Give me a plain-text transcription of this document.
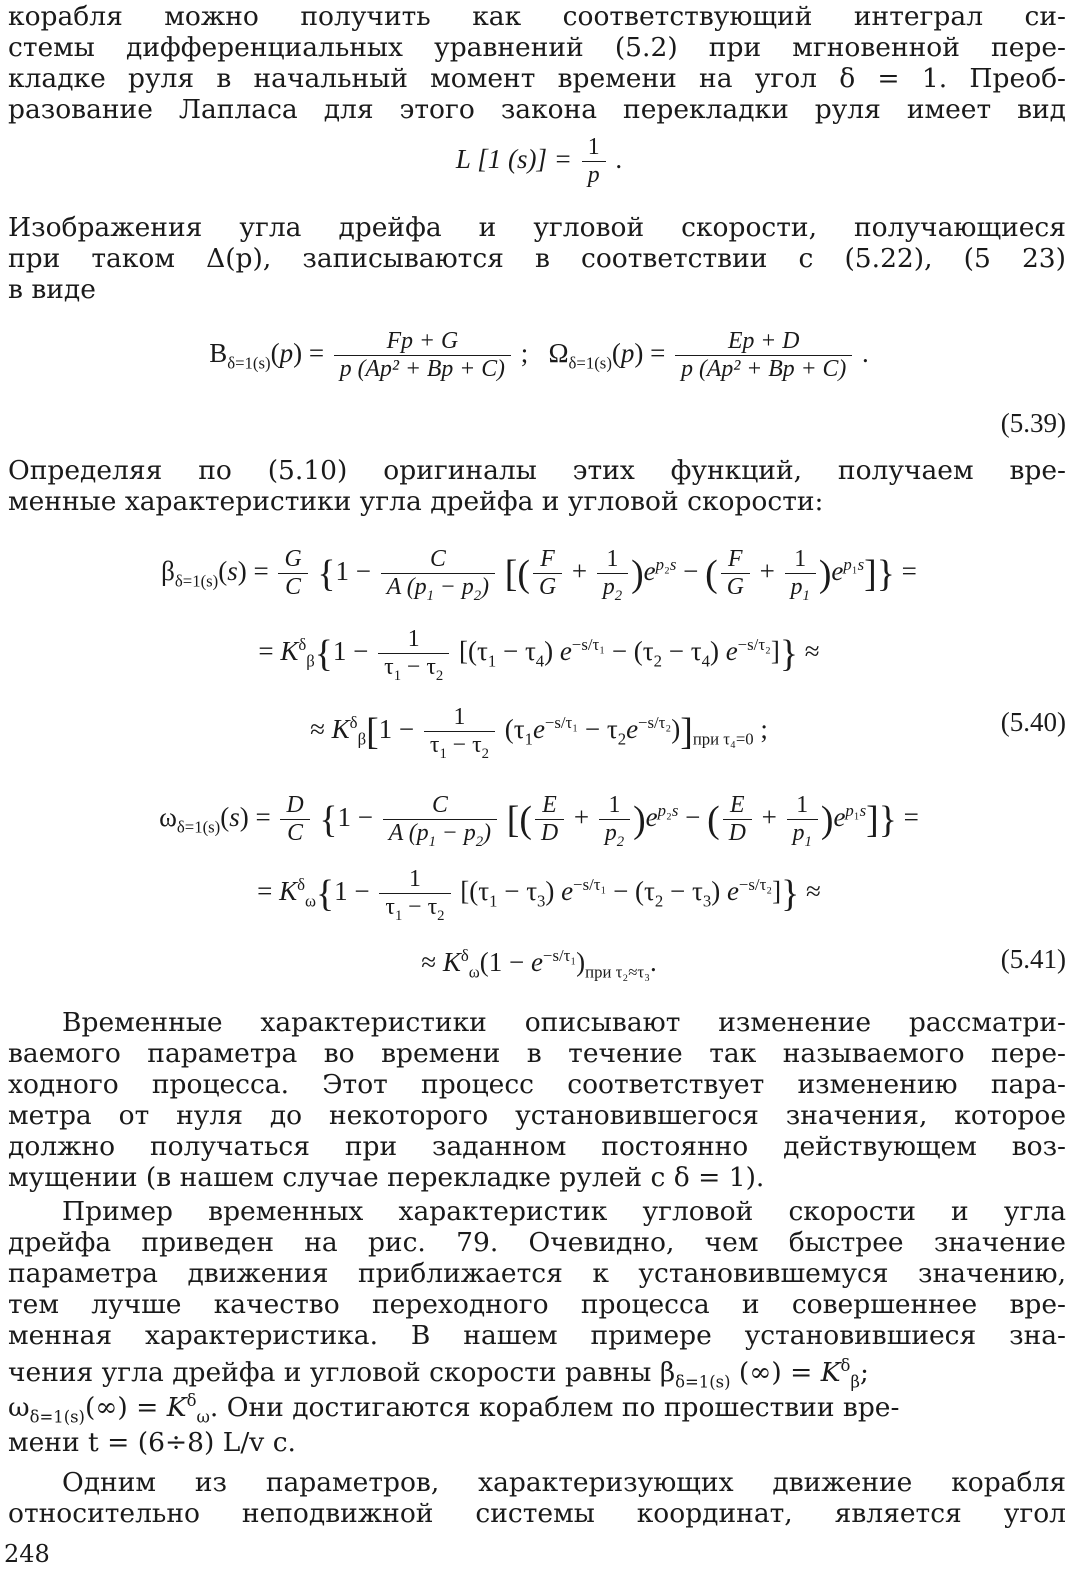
корабля можно получить как соответствующий интеграл си-
стемы дифференциальных уравнений (5.2) при мгновенной пере-
кладке руля в начальный момент времени на угол δ = 1. Преоб-
разование Лапласа для этого закона перекладки руля имеет вид
L [1 $(s)] = \frac{1}{p}$ .
Изображения угла дрейфа и угловой скорости, получающиеся
при таком Δ(p), записываются в соответствии с (5.22), (5 23)
в виде
$B_{\delta=1(s)}(p) = \frac{Fp + G}{\text{p (Ap² + Bp + C)}}$ ;   $\Omega_{\delta=1(s)}(p) = \frac{Ep + D}{\text{p (Ap² + Bp + C)}}$ .
(5.39)
Определяя по (5.10) оригиналы этих функций, получаем вре-
менные характеристики угла дрейфа и угловой скорости:
$\beta_{\delta=1(s)}(s) = \frac{G}{C} \{1 - \frac{C}{A (p_1 - p_2)}$ [( $\frac{F}{G} + \frac{1}{p_2} )e^{p_2s}$ − ( $\frac{F}{G} + \frac{1}{p_1} )e^{p_1s}$]} =
= $K^\delta_\beta\{1 - \frac{1}{\tau_1 - \tau_2} [(\tau_1 - \tau_4) e^{-s/\tau_1} - (\tau_2 - \tau_4) e^{-s/\tau_2}]\}$ ≈
≈ $K^\delta_\beta[1 - \frac{1}{\tau_1 - \tau_2} (\tau_1e^{-s/\tau_1} - \tau_2e^{-s/\tau_2})]_{при \tau_4=0}$ ;	(5.40)
$\omega_{\delta=1(s)}(s) = \frac{D}{C} \{1 - \frac{C}{A (p_1 - p_2)}$ [( $\frac{E}{D} + \frac{1}{p_2} )e^{p_2s}$ − ( $\frac{E}{D} + \frac{1}{p_1} )e^{p_1s}$]} =
= $K^\delta_\omega\{1 - \frac{1}{\tau_1 - \tau_2} [(\tau_1 - \tau_3) e^{-s/\tau_1} - (\tau_2 - \tau_3) e^{-s/\tau_2}]\}$ ≈
≈ $K^\delta_\omega(1 - e^{-s/\tau_1})_{при \tau_2\approx\tau_3}$.	(5.41)
Временные характеристики описывают изменение рассматри-
ваемого параметра во времени в течение так называемого пере-
ходного процесса. Этот процесс соответствует изменению пара-
метра от нуля до некоторого установившегося значения, которое
должно получаться при заданном постоянно действующем воз-
мущении (в нашем случае перекладке рулей с δ = 1).
Пример временных характеристик угловой скорости и угла
дрейфа приведен на рис. 79. Очевидно, чем быстрее значение
параметра движения приближается к установившемуся значению,
тем лучше качество переходного процесса и совершеннее вре-
менная характеристика. В нашем примере установившиеся зна-
чения угла дрейфа и угловой скорости равны $\beta_{\delta=1(s)}$ (∞) = $K^\delta_\beta$;
$\omega_{\delta=1(s)}(\infty) = K^\delta_\omega$. Они достигаются кораблем по прошествии вре-
мени t = (6÷8) L/v с.
Одним из параметров, характеризующих движение корабля
относительно неподвижной системы координат, является угол
248
